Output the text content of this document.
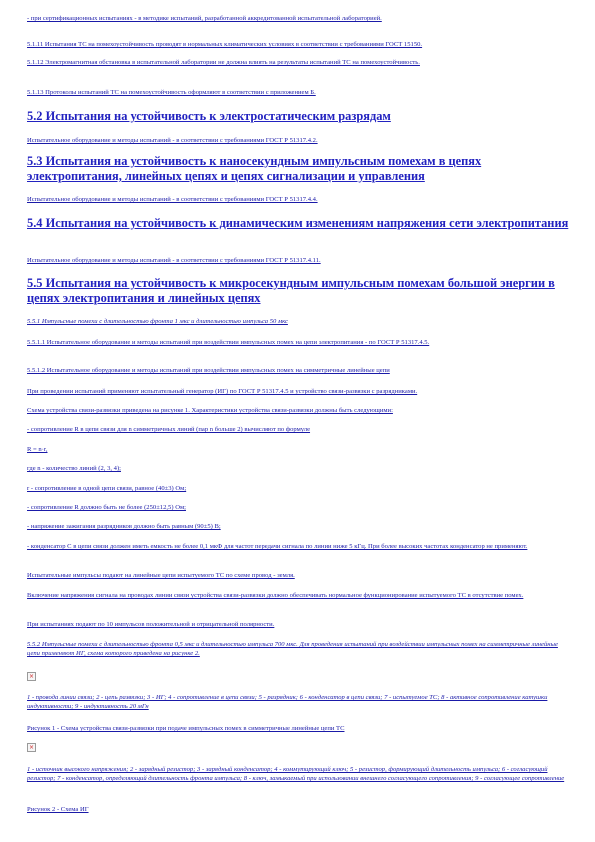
- при сертификационных испытаниях - в методике испытаний, разработанной аккредитованной испытательной лабораторией.

5.1.11 Испытания ТС на помехоустойчивость проводят в нормальных климатических условиях в соответствии с требованиями ГОСТ 15150.

5.1.12 Электромагнитная обстановка в испытательной лаборатории не должна влиять на результаты испытаний ТС на помехоустойчивость.

5.1.13 Протоколы испытаний ТС на помехоустойчивость оформляют в соответствии с приложением Б.

5.2 Испытания на устойчивость к электростатическим разрядам

Испытательное оборудование и методы испытаний - в соответствии с требованиями ГОСТ Р 51317.4.2.

5.3 Испытания на устойчивость к наносекундным импульсным помехам в цепях электропитания, линейных цепях и цепях сигнализации и управления

Испытательное оборудование и методы испытаний - в соответствии с требованиями ГОСТ Р 51317.4.4.

5.4 Испытания на устойчивость к динамическим изменениям напряжения сети электропитания

Испытательное оборудование и методы испытаний - в соответствии с требованиями ГОСТ Р 51317.4.11.

5.5 Испытания на устойчивость к микросекундным импульсным помехам большой энергии в цепях электропитания и линейных цепях

5.5.1 Импульсные помехи с длительностью фронта 1 мкс и длительностью импульса 50 мкс

5.5.1.1 Испытательное оборудование и методы испытаний при воздействии импульсных помех на цепи электропитания - по ГОСТ Р 51317.4.5.

5.5.1.2 Испытательное оборудование и методы испытаний при воздействии импульсных помех на симметричные линейные цепи

При проведении испытаний применяют испытательный генератор (ИГ) по ГОСТ Р 51317.4.5 и устройство связи-развязки с разрядниками.

Схема устройства связи-развязки приведена на рисунке 1. Характеристики устройства связи-развязки должны быть следующими:

- сопротивление R в цепи связи для n симметричных линий (пар n больше 2) вычисляют по формуле

R = n·r,

где n - количество линий (2, 3, 4);

r - сопротивление в одной цепи связи, равное (40±3) Ом;

- сопротивление R должно быть не более (250±12,5) Ом;

- напряжение зажигания разрядников должно быть равным (90±5) В;

- конденсатор С в цепи связи должен иметь емкость не более 0,1 мкФ для частот передачи сигнала по линии ниже 5 кГц. При более высоких частотах конденсатор не применяют.

Испытательные импульсы подают на линейные цепи испытуемого ТС по схеме провод - земля.

Включение напряжения сигнала на проводах линии связи устройства связи-развязки должно обеспечивать нормальное функционирование испытуемого ТС в отсутствие помех.

При испытаниях подают по 10 импульсов положительной и отрицательной полярности.

5.5.2 Импульсные помехи с длительностью фронта 0,5 мкс и длительностью импульса 700 мкс. Для проведения испытаний при воздействии импульсных помех на симметричные линейные цепи применяют ИГ, схема которого приведена на рисунке 2.

×

1 - провода линии связи; 2 - цепь развязки; 3 - ИГ; 4 - сопротивление в цепи связи; 5 - разрядник; 6 - конденсатор в цепи связи; 7 - испытуемое ТС; 8 - активное сопротивление катушки индуктивности; 9 - индуктивность 20 мГн

Рисунок 1 - Схема устройства связи-развязки при подаче импульсных помех в симметричные линейные цепи ТС

×

1 - источник высокого напряжения; 2 - зарядный резистор; 3 - зарядный конденсатор; 4 - коммутирующий ключ; 5 - резистор, формирующий длительность импульса; 6 - согласующий резистор; 7 - конденсатор, определяющий длительность фронта импульса; 8 - ключ, замыкаемый при использовании внешнего согласующего сопротивления; 9 - согласующее сопротивление

Рисунок 2 - Схема ИГ
